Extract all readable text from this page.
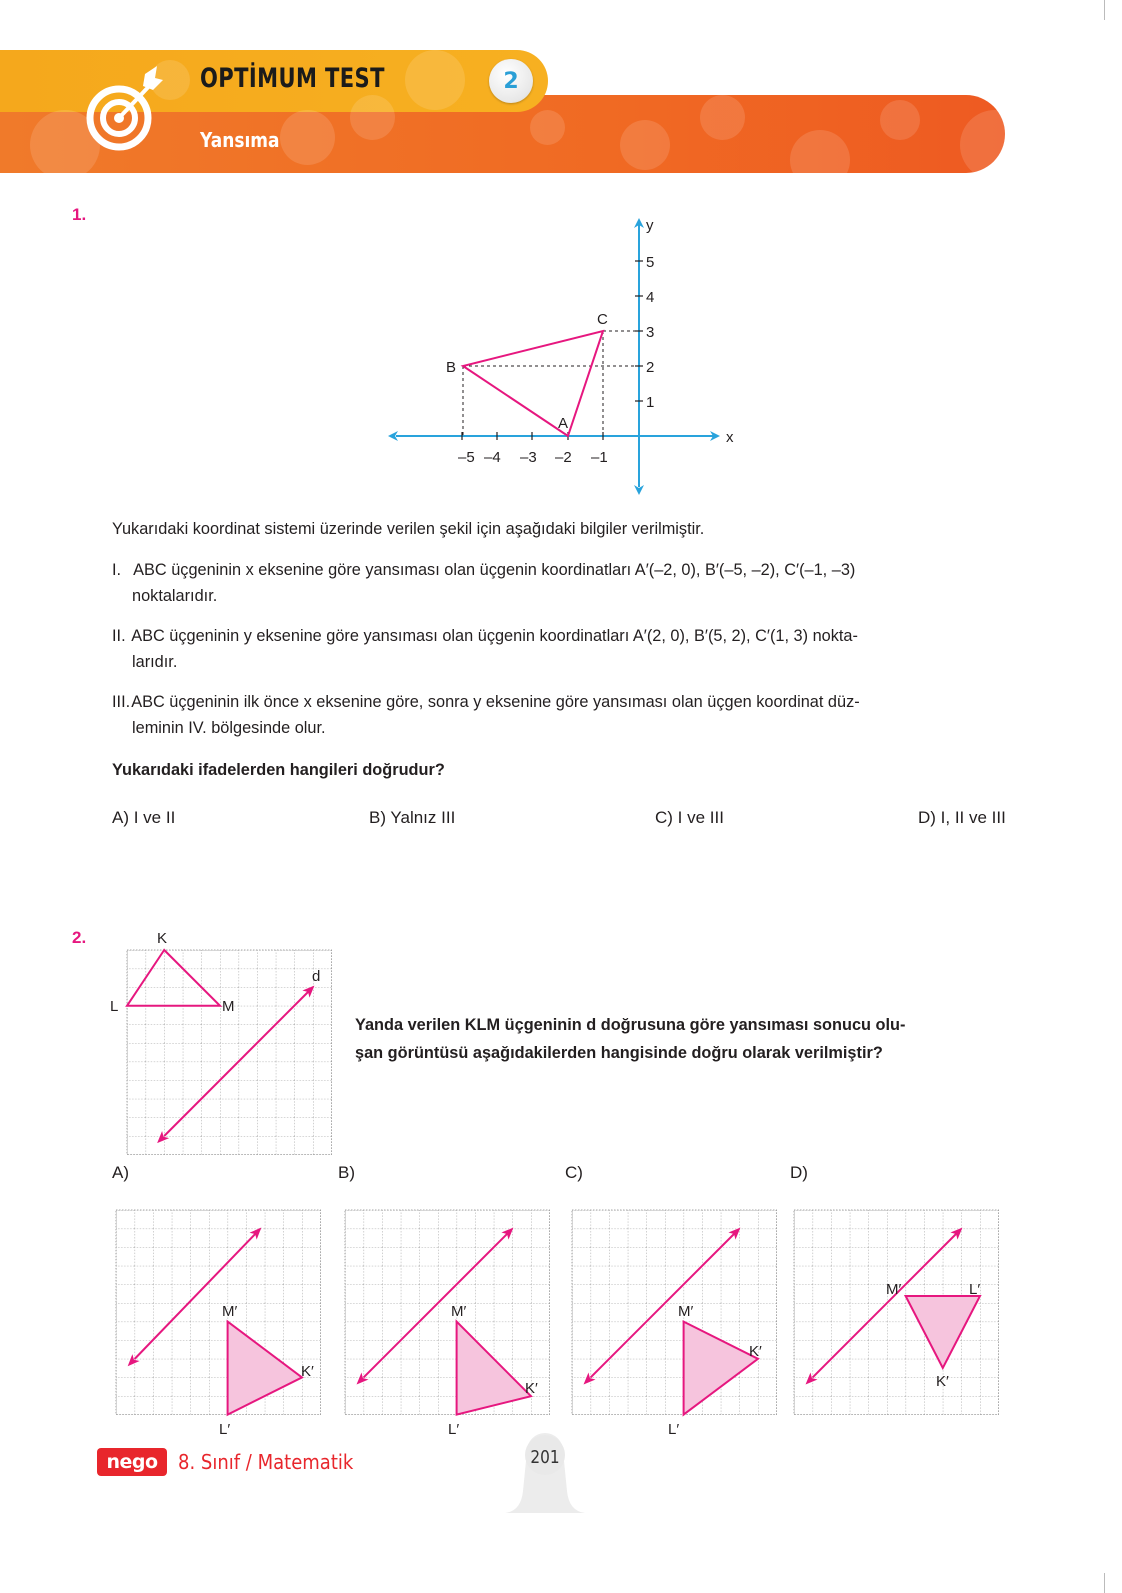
OPTİMUM TEST	2
Yansıma
1.
–5 –4 –3 –2 –1
1
2
3
4
5
x
y
A
B
C
Yukarıdaki koordinat sistemi üzerinde verilen şekil için aşağıdaki bilgiler verilmiştir.
I. ABC üçgeninin x eksenine göre yansıması olan üçgenin koordinatları A′(–2, 0), B′(–5, –2), C′(–1, –3)
noktalarıdır.
II. ABC üçgeninin y eksenine göre yansıması olan üçgenin koordinatları A′(2, 0), B′(5, 2), C′(1, 3) nokta-
larıdır.
III.ABC üçgeninin ilk önce x eksenine göre, sonra y eksenine göre yansıması olan üçgen koordinat düz-
leminin IV. bölgesinde olur.
Yukarıdaki ifadelerden hangileri doğrudur?
A) I ve II	B) Yalnız III	C) I ve III	D) I, II ve III
2.	K
L	M
d
Yanda verilen KLM üçgeninin d doğrusuna göre yansıması sonucu olu-
şan görüntüsü aşağıdakilerden hangisinde doğru olarak verilmiştir?
A)
M′
K′
L′
B)
M′
K′
L′
C)
M′
K′
L′
D)
M′	L′
K′
nego	8. Sınıf / Matematik	201
